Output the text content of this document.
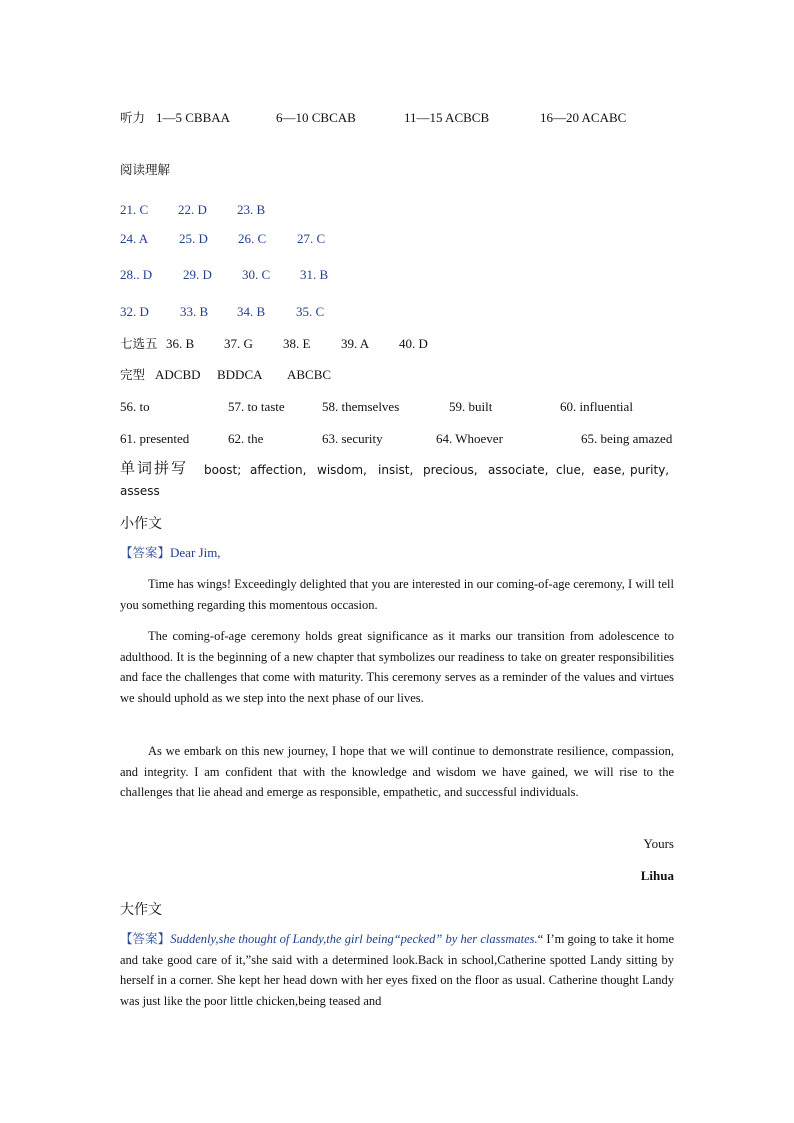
听力 1—5 CBBAA	6—10 CBCAB	11—15 ACBCB	16—20 ACABC
阅读理解
21. C 22. D 23. B
24. A 25. D 26. C 27. C
28.. D 29. D 30. C 31. B
32. D 33. B 34. B 35. C
七选五 36. B 37. G 38. E 39. A 40. D
完型 ADCBD BDDCA ABCBC
56. to	57. to taste	58. themselves	59. built	60. influential
61. presented	62. the	63. security	64. Whoever	65. being amazed
单词拼写 boost; affection, wisdom, insist, precious, associate, clue, ease, purity,
assess
小作文
【答案】Dear Jim,
Time has wings! Exceedingly delighted that you are interested in our coming-of-age ceremony, I will tell you something regarding this momentous occasion.
The coming-of-age ceremony holds great significance as it marks our transition from adolescence to adulthood. It is the beginning of a new chapter that symbolizes our readiness to take on greater responsibilities and face the challenges that come with maturity. This ceremony serves as a reminder of the values and virtues we should uphold as we step into the next phase of our lives.
As we embark on this new journey, I hope that we will continue to demonstrate resilience, compassion, and integrity. I am confident that with the knowledge and wisdom we have gained, we will rise to the challenges that lie ahead and emerge as responsible, empathetic, and successful individuals.
Yours
Lihua
大作文
【答案】Suddenly,she thought of Landy,the girl being“pecked” by her classmates.“ I’m going to take it home and take good care of it,”she said with a determined look.Back in school,Catherine spotted Landy sitting by herself in a corner. She kept her head down with her eyes fixed on the floor as usual. Catherine thought Landy was just like the poor little chicken,being teased and
